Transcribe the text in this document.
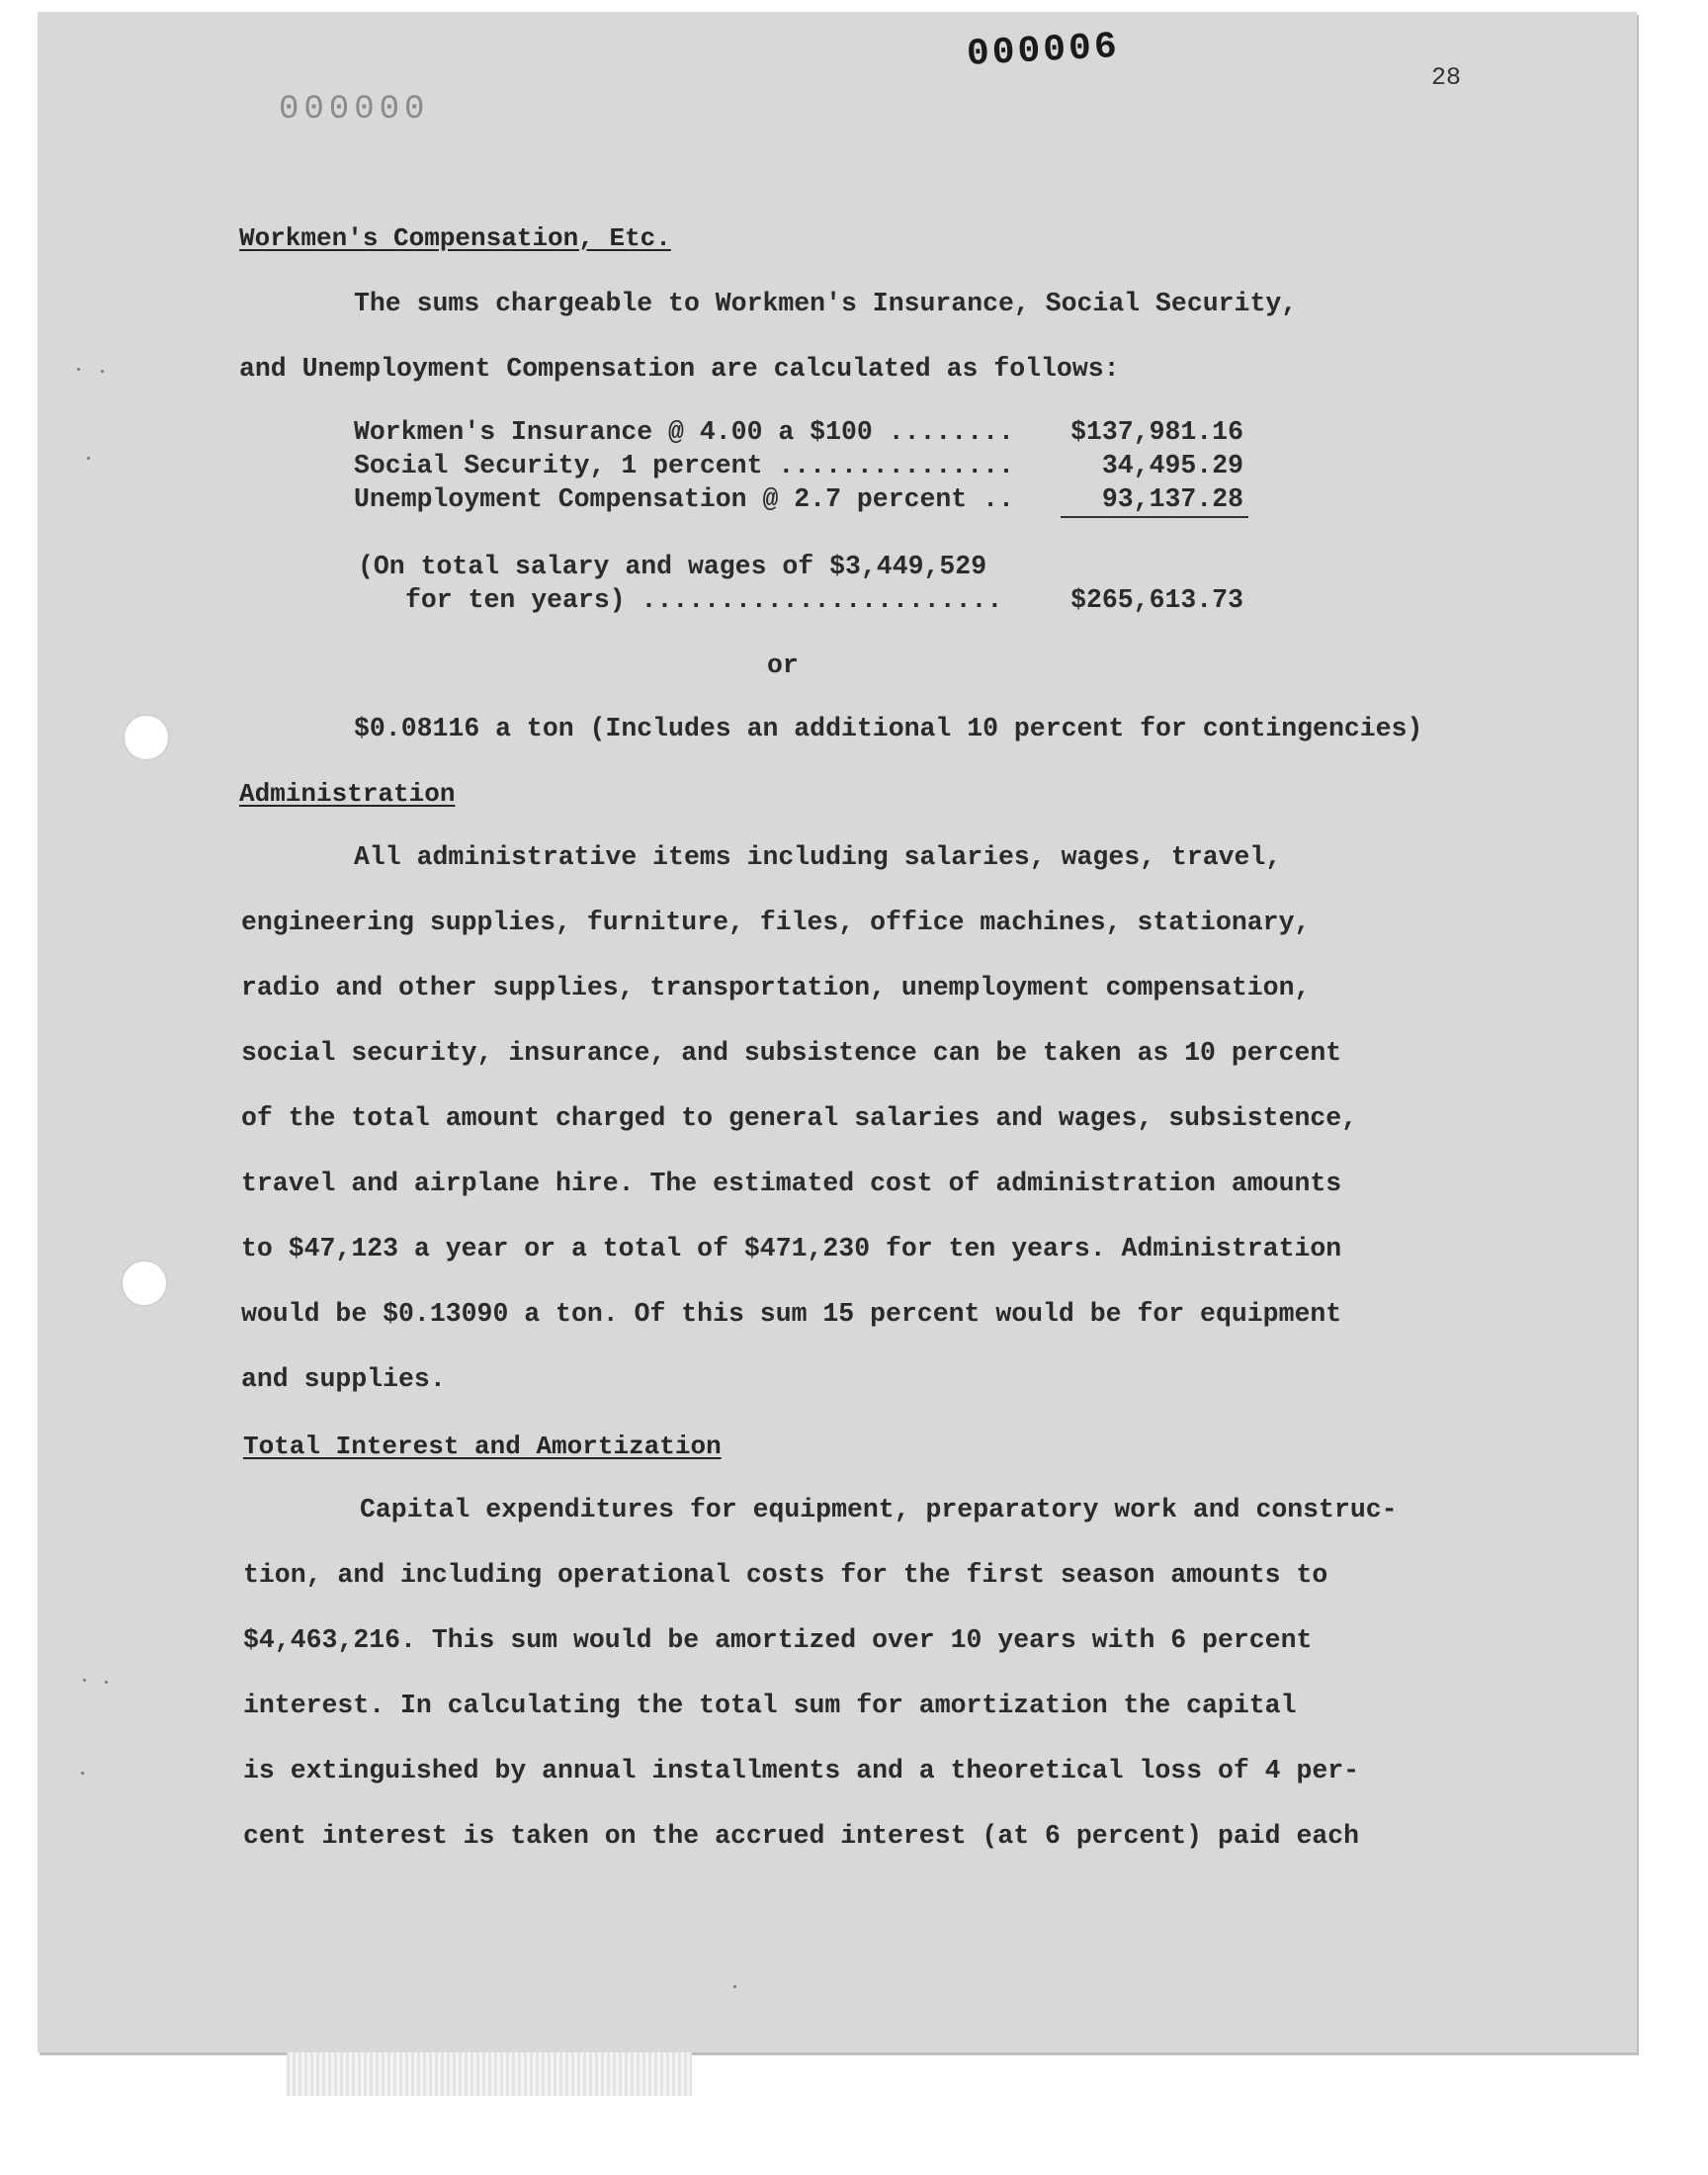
000006
000000
28
Workmen's Compensation, Etc.
The sums chargeable to Workmen's Insurance, Social Security,
and Unemployment Compensation are calculated as follows:
Workmen's Insurance @ 4.00 a $100 ........	$137,981.16
Social Security, 1 percent ...............	34,495.29
Unemployment Compensation @ 2.7 percent ..	93,137.28
(On total salary and wages of $3,449,529
for ten years) .......................	$265,613.73
or
$0.08116 a ton (Includes an additional 10 percent for contingencies)
Administration
All administrative items including salaries, wages, travel,
engineering supplies, furniture, files, office machines, stationary,
radio and other supplies, transportation, unemployment compensation,
social security, insurance, and subsistence can be taken as 10 percent
of the total amount charged to general salaries and wages, subsistence,
travel and airplane hire. The estimated cost of administration amounts
to $47,123 a year or a total of $471,230 for ten years. Administration
would be $0.13090 a ton. Of this sum 15 percent would be for equipment
and supplies.
Total Interest and Amortization
Capital expenditures for equipment, preparatory work and construc-
tion, and including operational costs for the first season amounts to
$4,463,216. This sum would be amortized over 10 years with 6 percent
interest. In calculating the total sum for amortization the capital
is extinguished by annual installments and a theoretical loss of 4 per-
cent interest is taken on the accrued interest (at 6 percent) paid each
